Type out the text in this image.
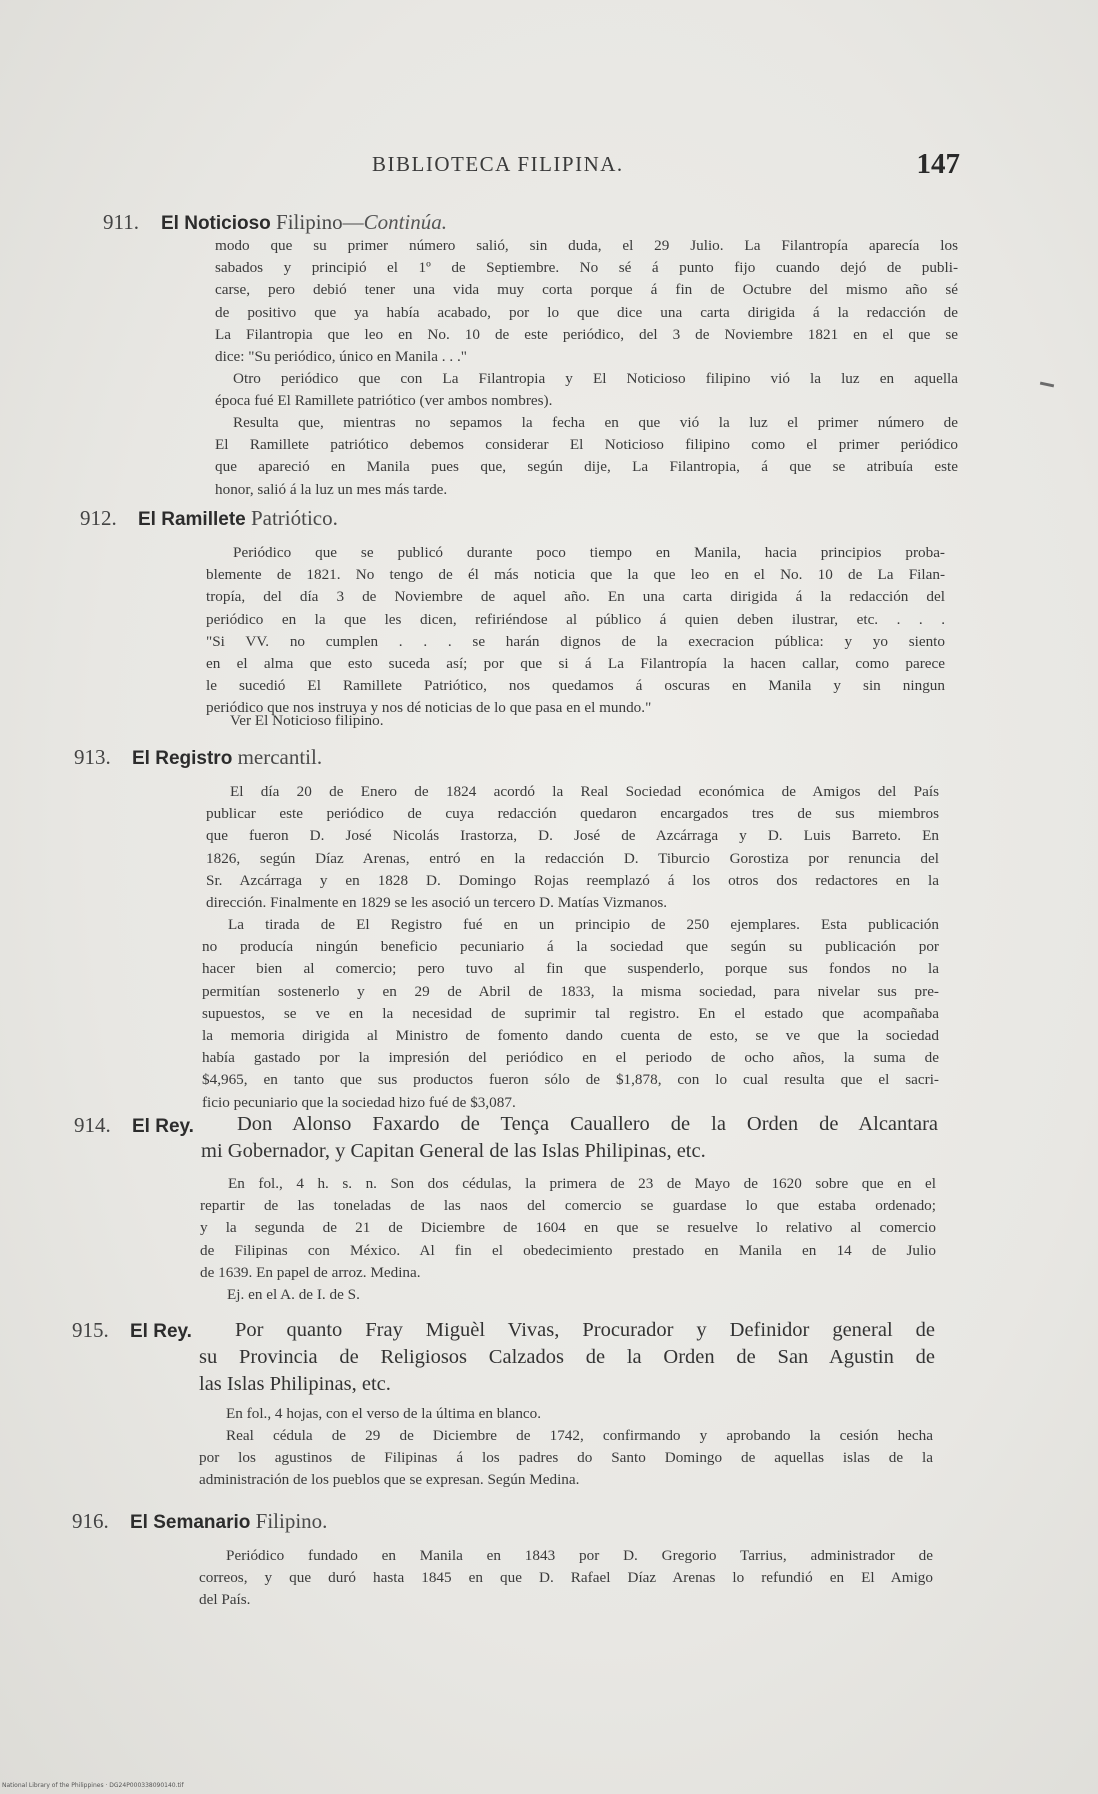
BIBLIOTECA FILIPINA.	147
911. El Noticioso Filipino—Continúa.
modo que su primer número salió, sin duda, el 29 Julio. La Filantropía aparecía los
sabados y principió el 1º de Septiembre. No sé á punto fijo cuando dejó de publi-
carse, pero debió tener una vida muy corta porque á fin de Octubre del mismo año sé
de positivo que ya había acabado, por lo que dice una carta dirigida á la redacción de
La Filantropia que leo en No. 10 de este periódico, del 3 de Noviembre 1821 en el que se
dice: "Su periódico, único en Manila . . ."
Otro periódico que con La Filantropia y El Noticioso filipino vió la luz en aquella
época fué El Ramillete patriótico (ver ambos nombres).
Resulta que, mientras no sepamos la fecha en que vió la luz el primer número de
El Ramillete patriótico debemos considerar El Noticioso filipino como el primer periódico
que apareció en Manila pues que, según dije, La Filantropia, á que se atribuía este
honor, salió á la luz un mes más tarde.
912. El Ramillete Patriótico.
Periódico que se publicó durante poco tiempo en Manila, hacia principios proba-
blemente de 1821. No tengo de él más noticia que la que leo en el No. 10 de La Filan-
tropía, del día 3 de Noviembre de aquel año. En una carta dirigida á la redacción del
periódico en la que les dicen, refiriéndose al público á quien deben ilustrar, etc. . . .
"Si VV. no cumplen . . . se harán dignos de la execracion pública: y yo siento
en el alma que esto suceda así; por que si á La Filantropía la hacen callar, como parece
le sucedió El Ramillete Patriótico, nos quedamos á oscuras en Manila y sin ningun
periódico que nos instruya y nos dé noticias de lo que pasa en el mundo."
Ver El Noticioso filipino.
913. El Registro mercantil.
El día 20 de Enero de 1824 acordó la Real Sociedad económica de Amigos del País
publicar este periódico de cuya redacción quedaron encargados tres de sus miembros
que fueron D. José Nicolás Irastorza, D. José de Azcárraga y D. Luis Barreto. En
1826, según Díaz Arenas, entró en la redacción D. Tiburcio Gorostiza por renuncia del
Sr. Azcárraga y en 1828 D. Domingo Rojas reemplazó á los otros dos redactores en la
dirección. Finalmente en 1829 se les asoció un tercero D. Matías Vizmanos.
La tirada de El Registro fué en un principio de 250 ejemplares. Esta publicación
no producía ningún beneficio pecuniario á la sociedad que según su publicación por
hacer bien al comercio; pero tuvo al fin que suspenderlo, porque sus fondos no la
permitían sostenerlo y en 29 de Abril de 1833, la misma sociedad, para nivelar sus pre-
supuestos, se ve en la necesidad de suprimir tal registro. En el estado que acompañaba
la memoria dirigida al Ministro de fomento dando cuenta de esto, se ve que la sociedad
había gastado por la impresión del periódico en el periodo de ocho años, la suma de
$4,965, en tanto que sus productos fueron sólo de $1,878, con lo cual resulta que el sacri-
ficio pecuniario que la sociedad hizo fué de $3,087.
914. El Rey.	Don Alonso Faxardo de Tença Cauallero de la Orden de Alcantara
mi Gobernador, y Capitan General de las Islas Philipinas, etc.
En fol., 4 h. s. n. Son dos cédulas, la primera de 23 de Mayo de 1620 sobre que en el
repartir de las toneladas de las naos del comercio se guardase lo que estaba ordenado;
y la segunda de 21 de Diciembre de 1604 en que se resuelve lo relativo al comercio
de Filipinas con México. Al fin el obedecimiento prestado en Manila en 14 de Julio
de 1639. En papel de arroz. Medina.
Ej. en el A. de I. de S.
915. El Rey.	Por quanto Fray Miguèl Vivas, Procurador y Definidor general de
su Provincia de Religiosos Calzados de la Orden de San Agustin de
las Islas Philipinas, etc.
En fol., 4 hojas, con el verso de la última en blanco.
Real cédula de 29 de Diciembre de 1742, confirmando y aprobando la cesión hecha
por los agustinos de Filipinas á los padres do Santo Domingo de aquellas islas de la
administración de los pueblos que se expresan. Según Medina.
916. El Semanario Filipino.
Periódico fundado en Manila en 1843 por D. Gregorio Tarrius, administrador de
correos, y que duró hasta 1845 en que D. Rafael Díaz Arenas lo refundió en El Amigo
del País.
National Library of the Philippines · DG24P000338090140.tif
